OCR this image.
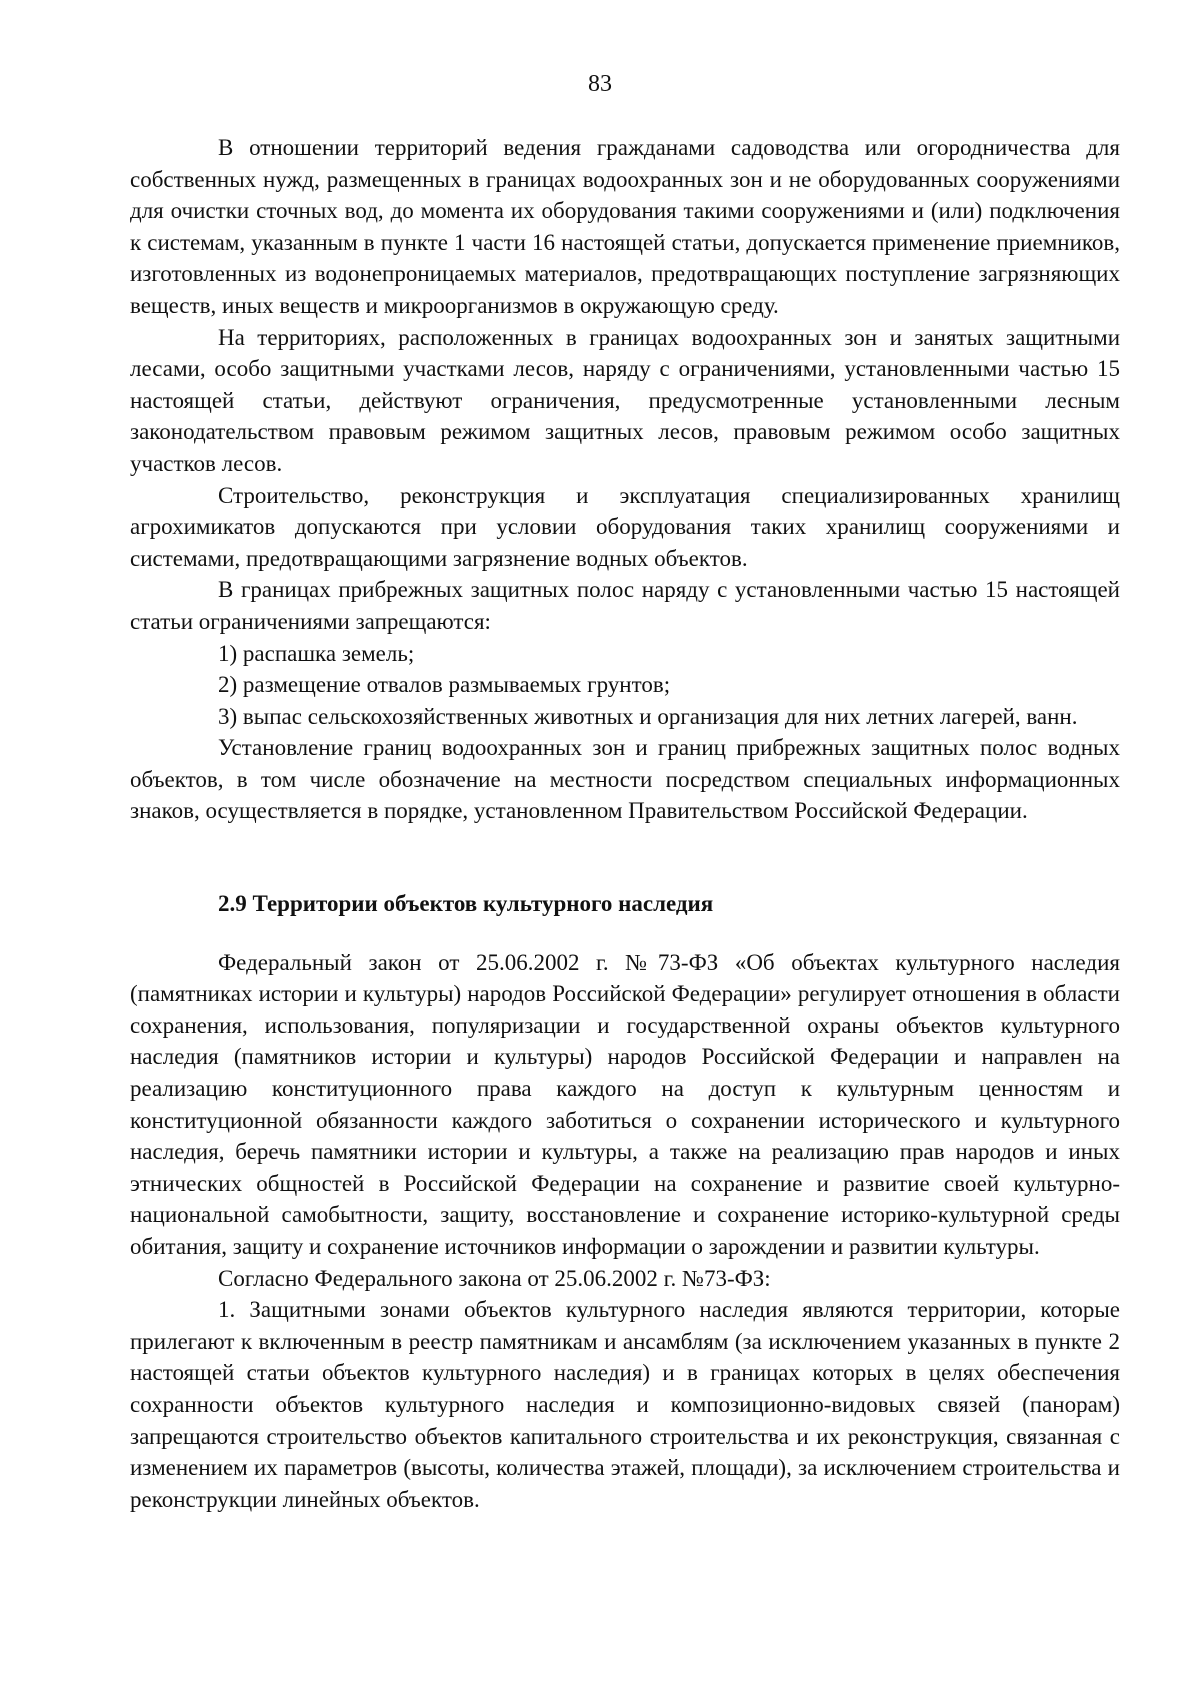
83

В отношении территорий ведения гражданами садоводства или огородничества для собственных нужд, размещенных в границах водоохранных зон и не оборудованных сооружениями для очистки сточных вод, до момента их оборудования такими сооружениями и (или) подключения к системам, указанным в пункте 1 части 16 настоящей статьи, допускается применение приемников, изготовленных из водонепроницаемых материалов, предотвращающих поступление загрязняющих веществ, иных веществ и микроорганизмов в окружающую среду.

На территориях, расположенных в границах водоохранных зон и занятых защитными лесами, особо защитными участками лесов, наряду с ограничениями, установленными частью 15 настоящей статьи, действуют ограничения, предусмотренные установленными лесным законодательством правовым режимом защитных лесов, правовым режимом особо защитных участков лесов.

Строительство, реконструкция и эксплуатация специализированных хранилищ агрохимикатов допускаются при условии оборудования таких хранилищ сооружениями и системами, предотвращающими загрязнение водных объектов.

В границах прибрежных защитных полос наряду с установленными частью 15 настоящей статьи ограничениями запрещаются:

1) распашка земель;

2) размещение отвалов размываемых грунтов;

3) выпас сельскохозяйственных животных и организация для них летних лагерей, ванн.

Установление границ водоохранных зон и границ прибрежных защитных полос водных объектов, в том числе обозначение на местности посредством специальных информационных знаков, осуществляется в порядке, установленном Правительством Российской Федерации.

2.9 Территории объектов культурного наследия

Федеральный закон от 25.06.2002 г. №73-ФЗ «Об объектах культурного наследия (памятниках истории и культуры) народов Российской Федерации» регулирует отношения в области сохранения, использования, популяризации и государственной охраны объектов культурного наследия (памятников истории и культуры) народов Российской Федерации и направлен на реализацию конституционного права каждого на доступ к культурным ценностям и конституционной обязанности каждого заботиться о сохранении исторического и культурного наследия, беречь памятники истории и культуры, а также на реализацию прав народов и иных этнических общностей в Российской Федерации на сохранение и развитие своей культурно-национальной самобытности, защиту, восстановление и сохранение историко-культурной среды обитания, защиту и сохранение источников информации о зарождении и развитии культуры.

Согласно Федерального закона от 25.06.2002 г. №73-ФЗ:

1. Защитными зонами объектов культурного наследия являются территории, которые прилегают к включенным в реестр памятникам и ансамблям (за исключением указанных в пункте 2 настоящей статьи объектов культурного наследия) и в границах которых в целях обеспечения сохранности объектов культурного наследия и композиционно-видовых связей (панорам) запрещаются строительство объектов капитального строительства и их реконструкция, связанная с изменением их параметров (высоты, количества этажей, площади), за исключением строительства и реконструкции линейных объектов.
